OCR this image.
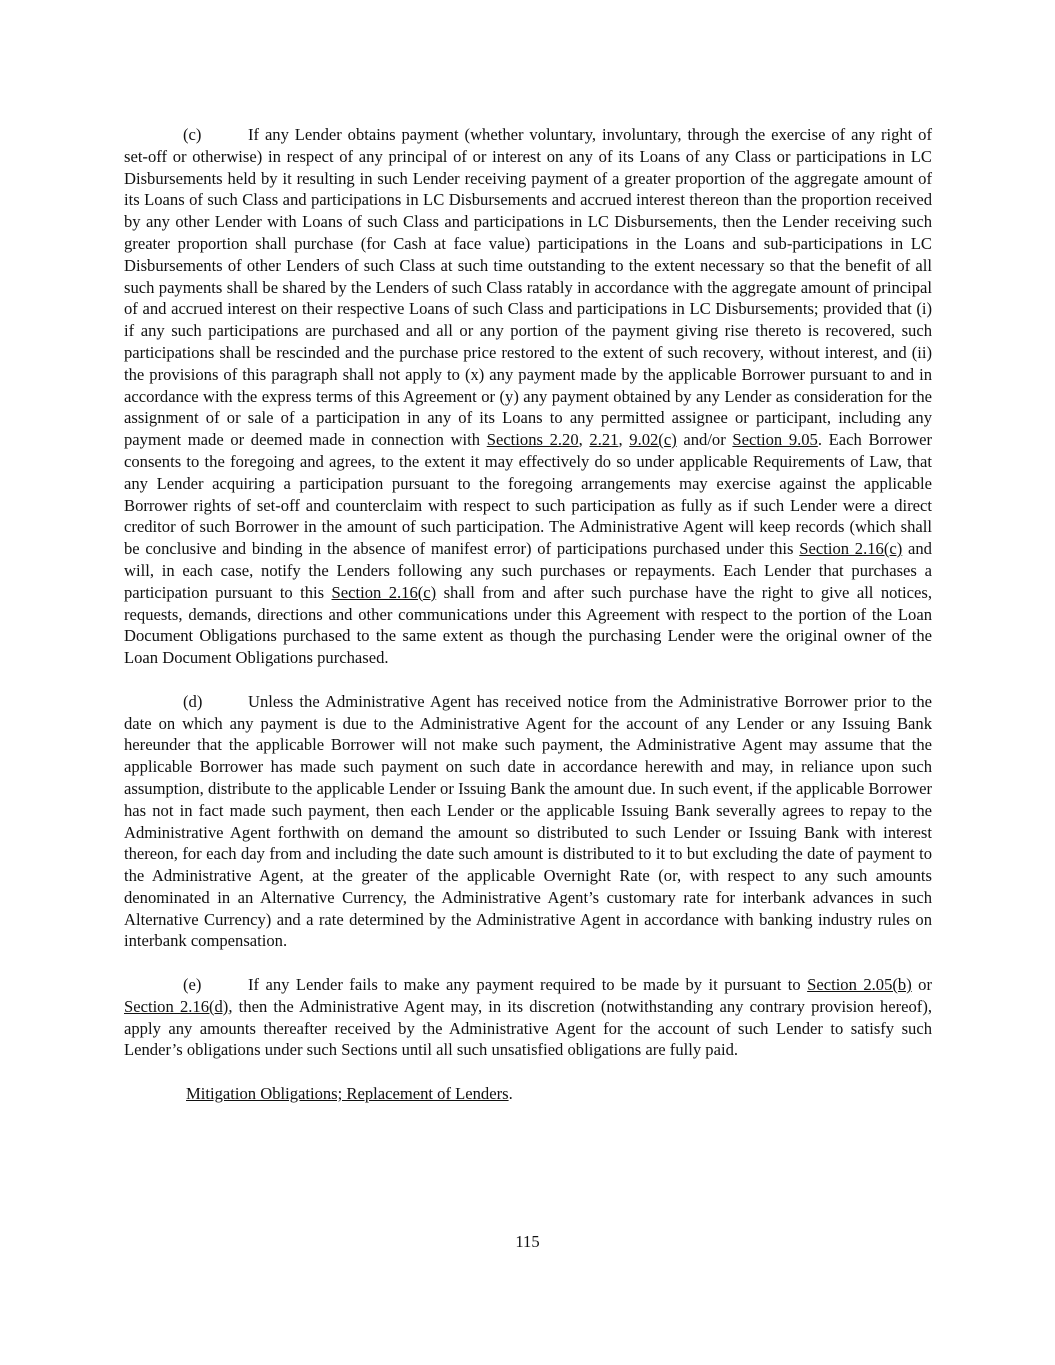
(c)	If any Lender obtains payment (whether voluntary, involuntary, through the exercise of any right of set-off or otherwise) in respect of any principal of or interest on any of its Loans of any Class or participations in LC Disbursements held by it resulting in such Lender receiving payment of a greater proportion of the aggregate amount of its Loans of such Class and participations in LC Disbursements and accrued interest thereon than the proportion received by any other Lender with Loans of such Class and participations in LC Disbursements, then the Lender receiving such greater proportion shall purchase (for Cash at face value) participations in the Loans and sub-participations in LC Disbursements of other Lenders of such Class at such time outstanding to the extent necessary so that the benefit of all such payments shall be shared by the Lenders of such Class ratably in accordance with the aggregate amount of principal of and accrued interest on their respective Loans of such Class and participations in LC Disbursements; provided that (i) if any such participations are purchased and all or any portion of the payment giving rise thereto is recovered, such participations shall be rescinded and the purchase price restored to the extent of such recovery, without interest, and (ii) the provisions of this paragraph shall not apply to (x) any payment made by the applicable Borrower pursuant to and in accordance with the express terms of this Agreement or (y) any payment obtained by any Lender as consideration for the assignment of or sale of a participation in any of its Loans to any permitted assignee or participant, including any payment made or deemed made in connection with Sections 2.20, 2.21, 9.02(c) and/or Section 9.05. Each Borrower consents to the foregoing and agrees, to the extent it may effectively do so under applicable Requirements of Law, that any Lender acquiring a participation pursuant to the foregoing arrangements may exercise against the applicable Borrower rights of set-off and counterclaim with respect to such participation as fully as if such Lender were a direct creditor of such Borrower in the amount of such participation. The Administrative Agent will keep records (which shall be conclusive and binding in the absence of manifest error) of participations purchased under this Section 2.16(c) and will, in each case, notify the Lenders following any such purchases or repayments. Each Lender that purchases a participation pursuant to this Section 2.16(c) shall from and after such purchase have the right to give all notices, requests, demands, directions and other communications under this Agreement with respect to the portion of the Loan Document Obligations purchased to the same extent as though the purchasing Lender were the original owner of the Loan Document Obligations purchased.

(d)	Unless the Administrative Agent has received notice from the Administrative Borrower prior to the date on which any payment is due to the Administrative Agent for the account of any Lender or any Issuing Bank hereunder that the applicable Borrower will not make such payment, the Administrative Agent may assume that the applicable Borrower has made such payment on such date in accordance herewith and may, in reliance upon such assumption, distribute to the applicable Lender or Issuing Bank the amount due. In such event, if the applicable Borrower has not in fact made such payment, then each Lender or the applicable Issuing Bank severally agrees to repay to the Administrative Agent forthwith on demand the amount so distributed to such Lender or Issuing Bank with interest thereon, for each day from and including the date such amount is distributed to it to but excluding the date of payment to the Administrative Agent, at the greater of the applicable Overnight Rate (or, with respect to any such amounts denominated in an Alternative Currency, the Administrative Agent’s customary rate for interbank advances in such Alternative Currency) and a rate determined by the Administrative Agent in accordance with banking industry rules on interbank compensation.

(e)	If any Lender fails to make any payment required to be made by it pursuant to Section 2.05(b) or Section 2.16(d), then the Administrative Agent may, in its discretion (notwithstanding any contrary provision hereof), apply any amounts thereafter received by the Administrative Agent for the account of such Lender to satisfy such Lender’s obligations under such Sections until all such unsatisfied obligations are fully paid.

Mitigation Obligations; Replacement of Lenders.

115
